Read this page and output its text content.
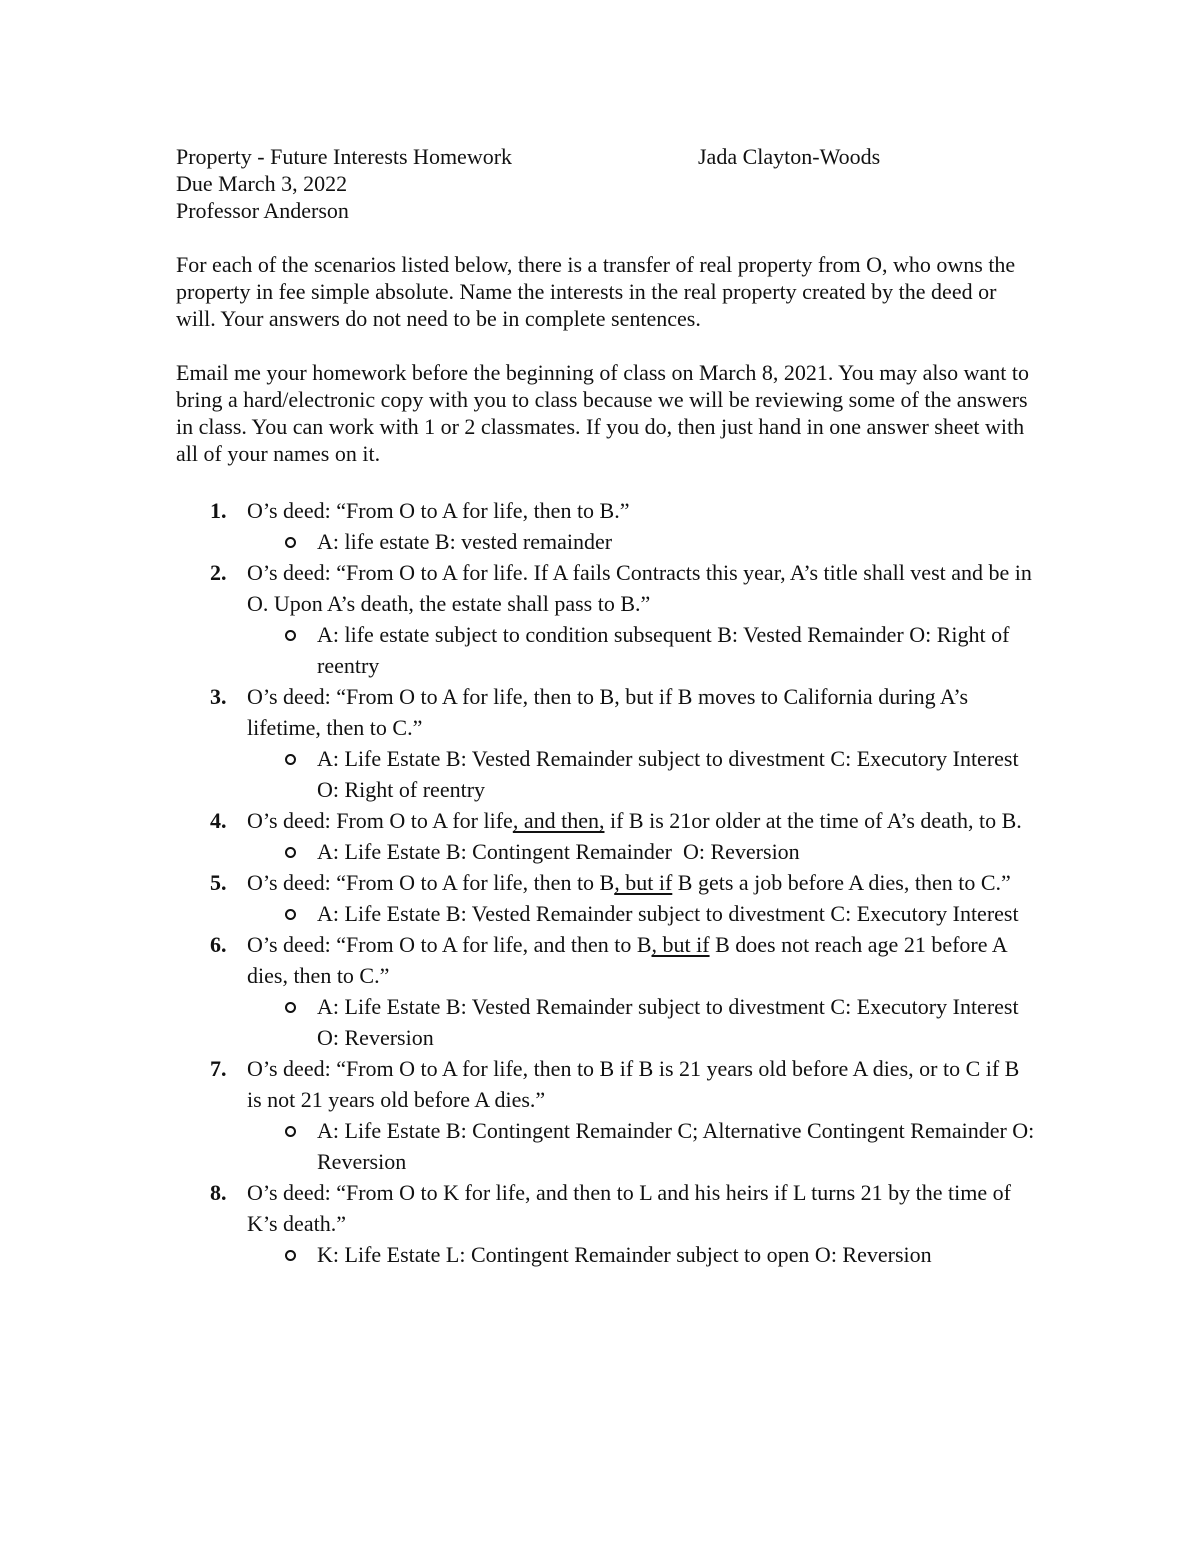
Property - Future Interests Homework	Jada Clayton-Woods
Due March 3, 2022
Professor Anderson

For each of the scenarios listed below, there is a transfer of real property from O, who owns the property in fee simple absolute. Name the interests in the real property created by the deed or will. Your answers do not need to be in complete sentences.

Email me your homework before the beginning of class on March 8, 2021. You may also want to bring a hard/electronic copy with you to class because we will be reviewing some of the answers in class. You can work with 1 or 2 classmates. If you do, then just hand in one answer sheet with all of your names on it.

1. O’s deed: “From O to A for life, then to B.”
A: life estate B: vested remainder
2. O’s deed: “From O to A for life. If A fails Contracts this year, A’s title shall vest and be in O. Upon A’s death, the estate shall pass to B.”
A: life estate subject to condition subsequent B: Vested Remainder O: Right of reentry
3. O’s deed: “From O to A for life, then to B, but if B moves to California during A’s lifetime, then to C.”
A: Life Estate B: Vested Remainder subject to divestment C: Executory Interest O: Right of reentry
4. O’s deed: From O to A for life, and then, if B is 21or older at the time of A’s death, to B.
A: Life Estate B: Contingent Remainder  O: Reversion
5. O’s deed: “From O to A for life, then to B, but if B gets a job before A dies, then to C.”
A: Life Estate B: Vested Remainder subject to divestment C: Executory Interest
6. O’s deed: “From O to A for life, and then to B, but if B does not reach age 21 before A dies, then to C.”
A: Life Estate B: Vested Remainder subject to divestment C: Executory Interest O: Reversion
7. O’s deed: “From O to A for life, then to B if B is 21 years old before A dies, or to C if B is not 21 years old before A dies.”
A: Life Estate B: Contingent Remainder C; Alternative Contingent Remainder O: Reversion
8. O’s deed: “From O to K for life, and then to L and his heirs if L turns 21 by the time of K’s death.”
K: Life Estate L: Contingent Remainder subject to open O: Reversion
